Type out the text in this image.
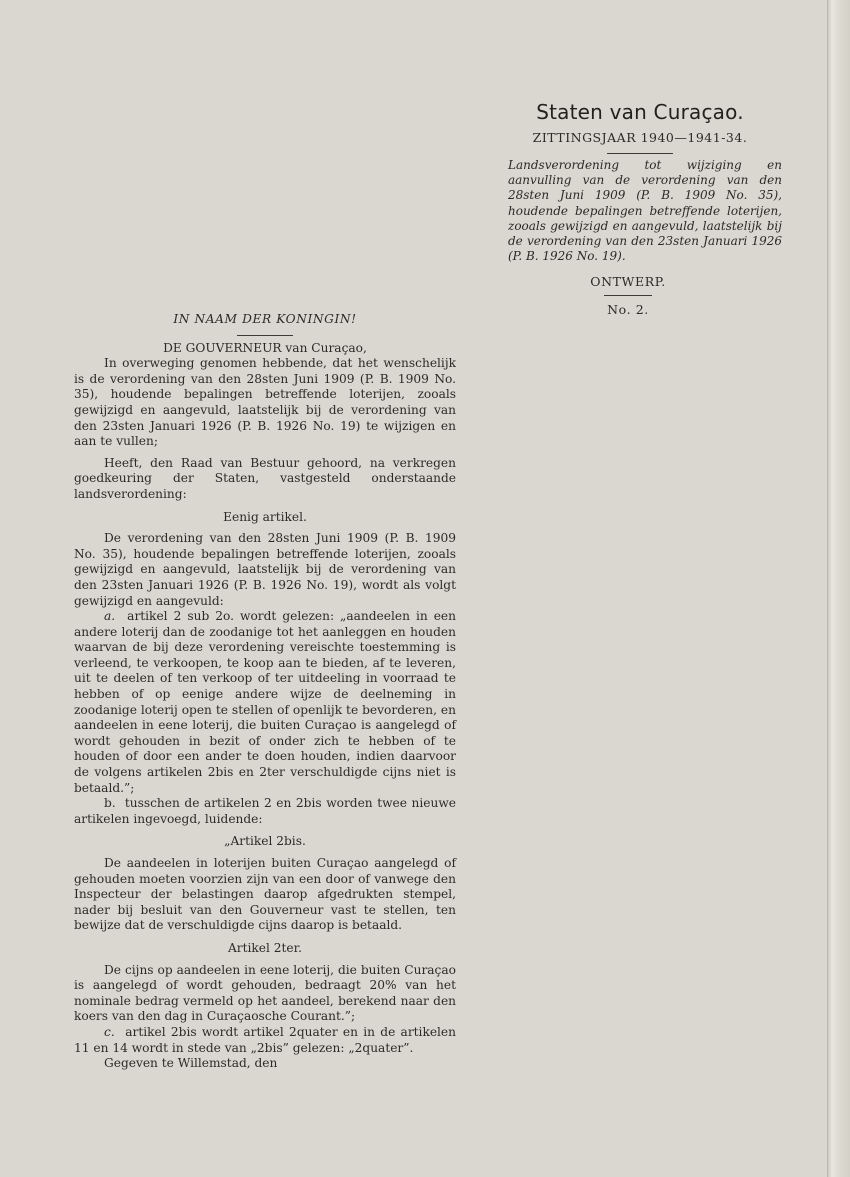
Staten van Curaçao.
ZITTINGSJAAR 1940—1941-34.
Landsverordening tot wijziging en aanvulling van de verordening van den 28sten Juni 1909 (P. B. 1909 No. 35), houdende bepalingen betreffende loterijen, zooals gewijzigd en aangevuld, laatstelijk bij de verordening van den 23sten Januari 1926 (P. B. 1926 No. 19).
ONTWERP.
No. 2.
IN NAAM DER KONINGIN!
DE GOUVERNEUR van Curaçao,

In overweging genomen hebbende, dat het wenschelijk is de verordening van den 28sten Juni 1909 (P. B. 1909 No. 35), houdende bepalingen betreffende loterijen, zooals gewijzigd en aangevuld, laatstelijk bij de verordening van den 23sten Januari 1926 (P. B. 1926 No. 19) te wijzigen en aan te vullen;

Heeft, den Raad van Bestuur gehoord, na verkregen goedkeuring der Staten, vastgesteld onderstaande landsverordening:

Eenig artikel.

De verordening van den 28sten Juni 1909 (P. B. 1909 No. 35), houdende bepalingen betreffende loterijen, zooals gewijzigd en aangevuld, laatstelijk bij de verordening van den 23sten Januari 1926 (P. B. 1926 No. 19), wordt als volgt gewijzigd en aangevuld:

a. artikel 2 sub 2o. wordt gelezen: „aandeelen in een andere loterij dan de zoodanige tot het aanleggen en houden waarvan de bij deze verordening vereischte toestemming is verleend, te verkoopen, te koop aan te bieden, af te leveren, uit te deelen of ten verkoop of ter uitdeeling in voorraad te hebben of op eenige andere wijze de deelneming in zoodanige loterij open te stellen of openlijk te bevorderen, en aandeelen in eene loterij, die buiten Curaçao is aangelegd of wordt gehouden in bezit of onder zich te hebben of te houden of door een ander te doen houden, indien daarvoor de volgens artikelen 2bis en 2ter verschuldigde cijns niet is betaald.”;

b. tusschen de artikelen 2 en 2bis worden twee nieuwe artikelen ingevoegd, luidende:

„Artikel 2bis.

De aandeelen in loterijen buiten Curaçao aangelegd of gehouden moeten voorzien zijn van een door of vanwege den Inspecteur der belastingen daarop afgedrukten stempel, nader bij besluit van den Gouverneur vast te stellen, ten bewijze dat de verschuldigde cijns daarop is betaald.

Artikel 2ter.

De cijns op aandeelen in eene loterij, die buiten Curaçao is aangelegd of wordt gehouden, bedraagt 20% van het nominale bedrag vermeld op het aandeel, berekend naar den koers van den dag in Curaçaosche Courant.”;

c. artikel 2bis wordt artikel 2quater en in de artikelen 11 en 14 wordt in stede van „2bis” gelezen: „2quater”.

Gegeven te Willemstad, den
